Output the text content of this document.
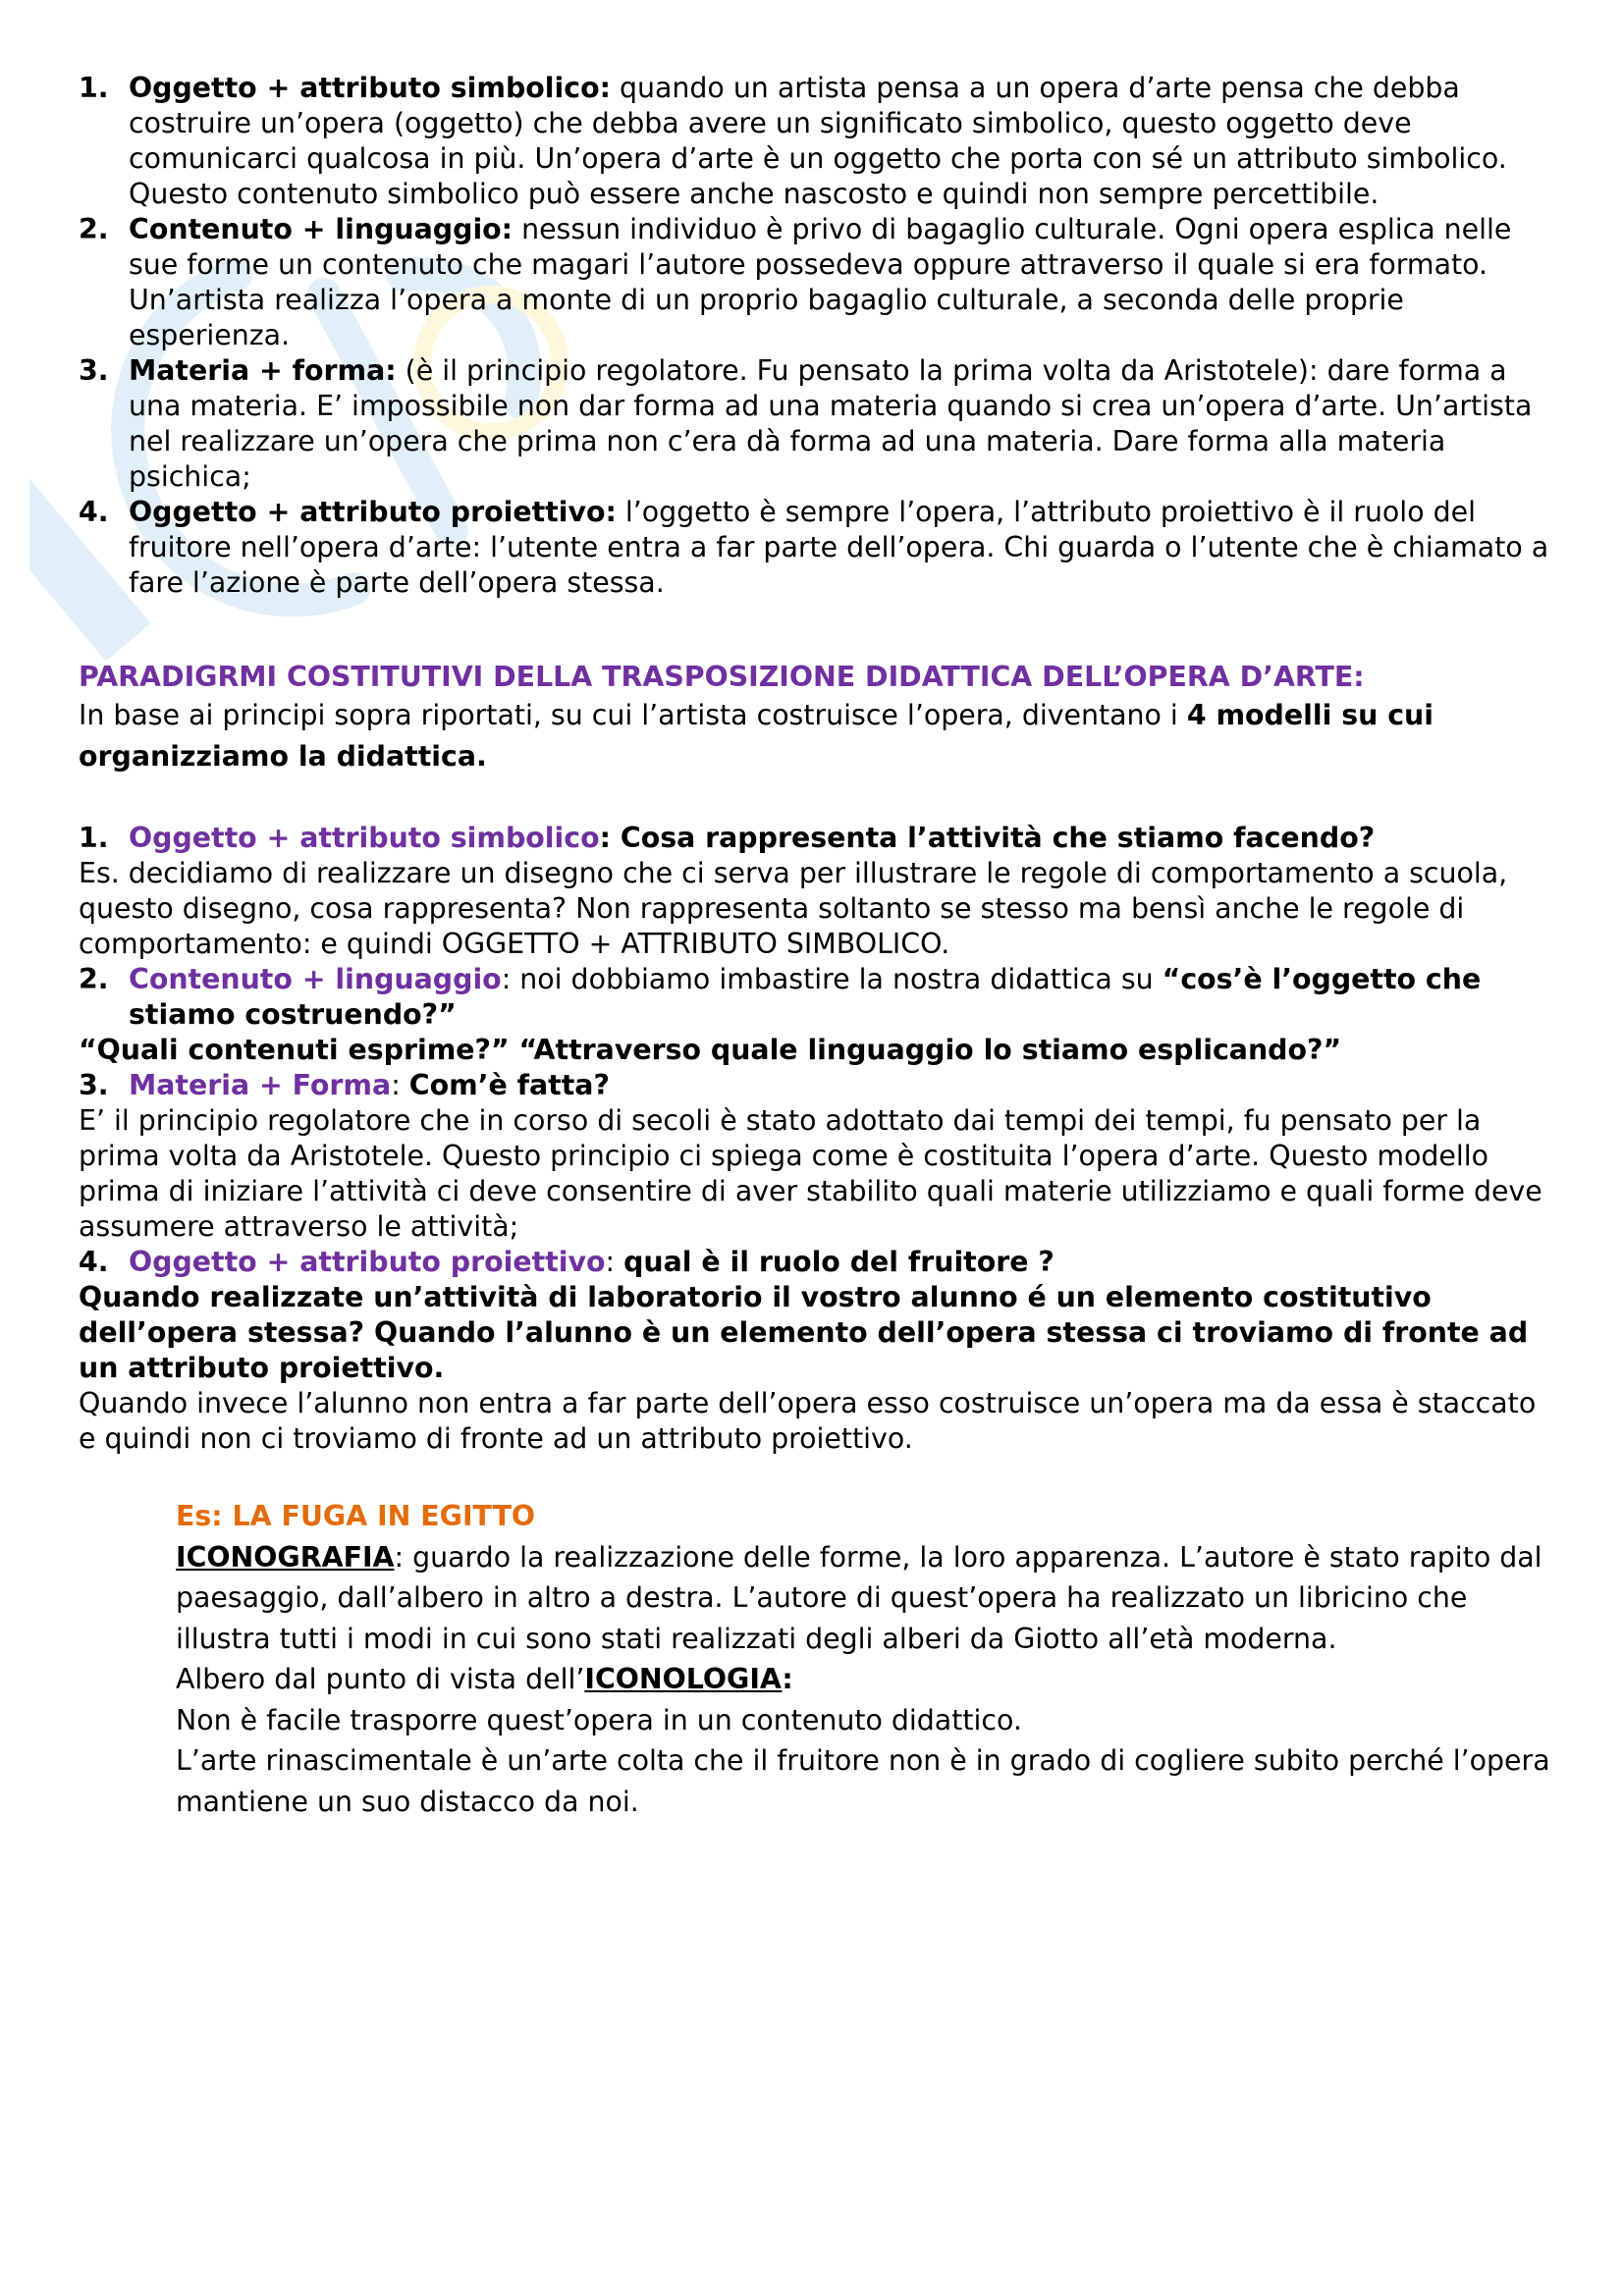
1. Oggetto + attributo simbolico: quando un artista pensa a un opera d’arte pensa che debba costruire un’opera (oggetto) che debba avere un significato simbolico, questo oggetto deve comunicarci qualcosa in più. Un’opera d’arte è un oggetto che porta con sé un attributo simbolico. Questo contenuto simbolico può essere anche nascosto e quindi non sempre percettibile.
2. Contenuto + linguaggio: nessun individuo è privo di bagaglio culturale. Ogni opera esplica nelle sue forme un contenuto che magari l’autore possedeva oppure attraverso il quale si era formato. Un’artista realizza l’opera a monte di un proprio bagaglio culturale, a seconda delle proprie esperienza.
3. Materia + forma: (è il principio regolatore. Fu pensato la prima volta da Aristotele): dare forma a una materia. E’ impossibile non dar forma ad una materia quando si crea un’opera d’arte. Un’artista nel realizzare un’opera che prima non c’era dà forma ad una materia. Dare forma alla materia psichica;
4. Oggetto + attributo proiettivo: l’oggetto è sempre l’opera, l’attributo proiettivo è il ruolo del fruitore nell’opera d’arte: l’utente entra a far parte dell’opera. Chi guarda o l’utente che è chiamato a fare l’azione è parte dell’opera stessa.

PARADIGRMI COSTITUTIVI DELLA TRASPOSIZIONE DIDATTICA DELL’OPERA D’ARTE:

In base ai principi sopra riportati, su cui l’artista costruisce l’opera, diventano i 4 modelli su cui organizziamo la didattica.

1. Oggetto + attributo simbolico: Cosa rappresenta l’attività che stiamo facendo?

Es. decidiamo di realizzare un disegno che ci serva per illustrare le regole di comportamento a scuola, questo disegno, cosa rappresenta? Non rappresenta soltanto se stesso ma bensì anche le regole di comportamento: e quindi OGGETTO + ATTRIBUTO SIMBOLICO.

2. Contenuto + linguaggio: noi dobbiamo imbastire la nostra didattica su “cos’è l’oggetto che stiamo costruendo?”

“Quali contenuti esprime?” “Attraverso quale linguaggio lo stiamo esplicando?”

3. Materia + Forma: Com’è fatta?

E’ il principio regolatore che in corso di secoli è stato adottato dai tempi dei tempi, fu pensato per la prima volta da Aristotele. Questo principio ci spiega come è costituita l’opera d’arte. Questo modello prima di iniziare l’attività ci deve consentire di aver stabilito quali materie utilizziamo e quali forme deve assumere attraverso le attività;

4. Oggetto + attributo proiettivo: qual è il ruolo del fruitore ?

Quando realizzate un’attività di laboratorio il vostro alunno é un elemento costitutivo dell’opera stessa? Quando l’alunno è un elemento dell’opera stessa ci troviamo di fronte ad un attributo proiettivo.

Quando invece l’alunno non entra a far parte dell’opera esso costruisce un’opera ma da essa è staccato e quindi non ci troviamo di fronte ad un attributo proiettivo.

Es: LA FUGA IN EGITTO

ICONOGRAFIA: guardo la realizzazione delle forme, la loro apparenza. L’autore è stato rapito dal paesaggio, dall’albero in altro a destra. L’autore di quest’opera ha realizzato un libricino che illustra tutti i modi in cui sono stati realizzati degli alberi da Giotto all’età moderna.

Albero dal punto di vista dell’ICONOLOGIA:

Non è facile trasporre quest’opera in un contenuto didattico.

L’arte rinascimentale è un’arte colta che il fruitore non è in grado di cogliere subito perché l’opera mantiene un suo distacco da noi.
